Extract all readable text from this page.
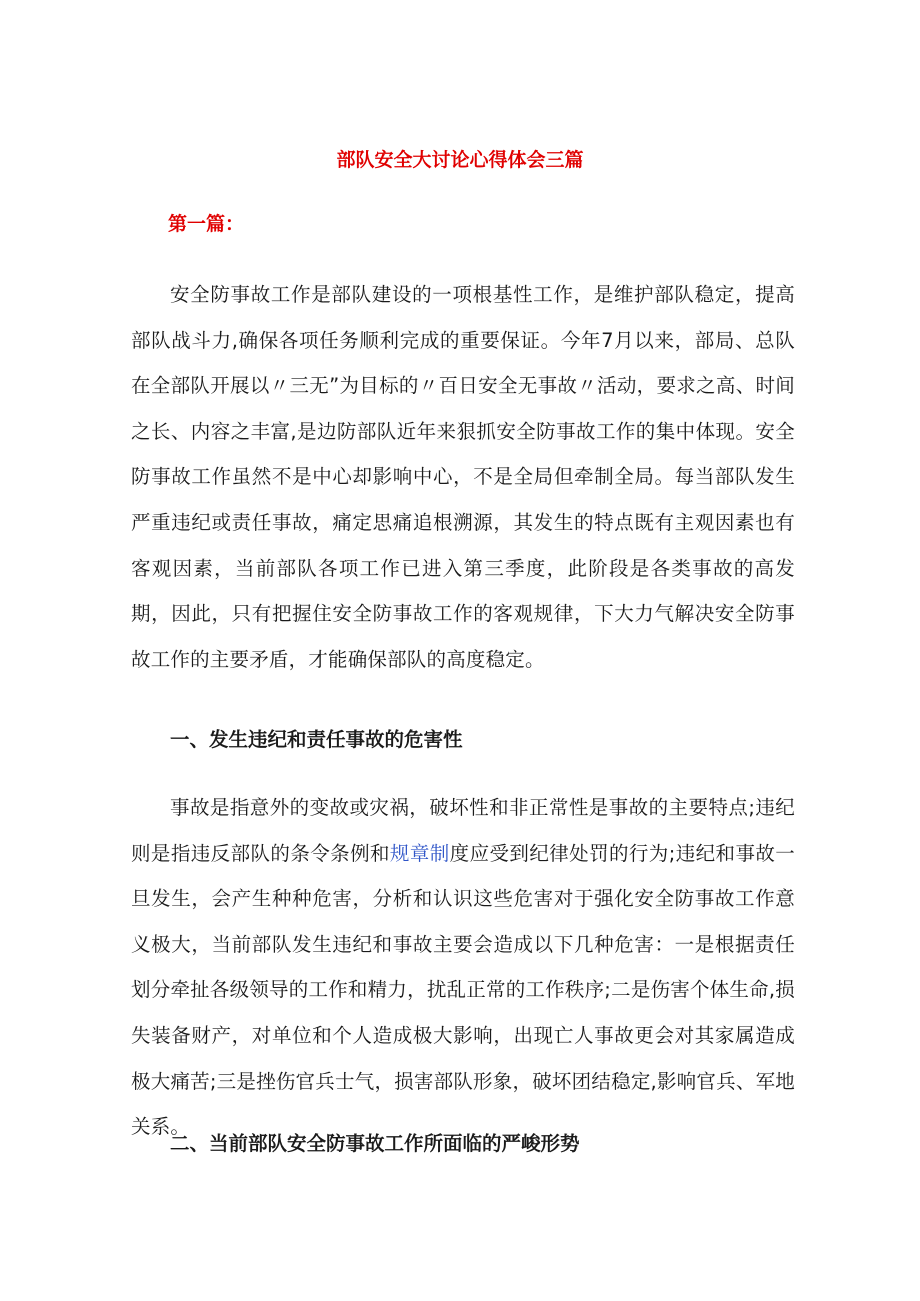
部队安全大讨论心得体会三篇
第一篇：

安全防事故工作是部队建设的一项根基性工作，是维护部队稳定，提高部队战斗力,确保各项任务顺利完成的重要保证。今年7月以来，部局、总队在全部队开展以〃三无”为目标的〃百日安全无事故〃活动，要求之高、时间之长、内容之丰富,是边防部队近年来狠抓安全防事故工作的集中体现。安全防事故工作虽然不是中心却影响中心，不是全局但牵制全局。每当部队发生严重违纪或责任事故，痛定思痛追根溯源，其发生的特点既有主观因素也有客观因素，当前部队各项工作已进入第三季度，此阶段是各类事故的高发期，因此，只有把握住安全防事故工作的客观规律，下大力气解决安全防事故工作的主要矛盾，才能确保部队的高度稳定。

一、发生违纪和责任事故的危害性

事故是指意外的变故或灾祸，破坏性和非正常性是事故的主要特点;违纪则是指违反部队的条令条例和规章制度应受到纪律处罚的行为;违纪和事故一旦发生，会产生种种危害，分析和认识这些危害对于强化安全防事故工作意义极大，当前部队发生违纪和事故主要会造成以下几种危害：一是根据责任划分牵扯各级领导的工作和精力，扰乱正常的工作秩序;二是伤害个体生命,损失装备财产，对单位和个人造成极大影响，出现亡人事故更会对其家属造成极大痛苦;三是挫伤官兵士气，损害部队形象，破坏团结稳定,影响官兵、军地关系。

二、当前部队安全防事故工作所面临的严峻形势
